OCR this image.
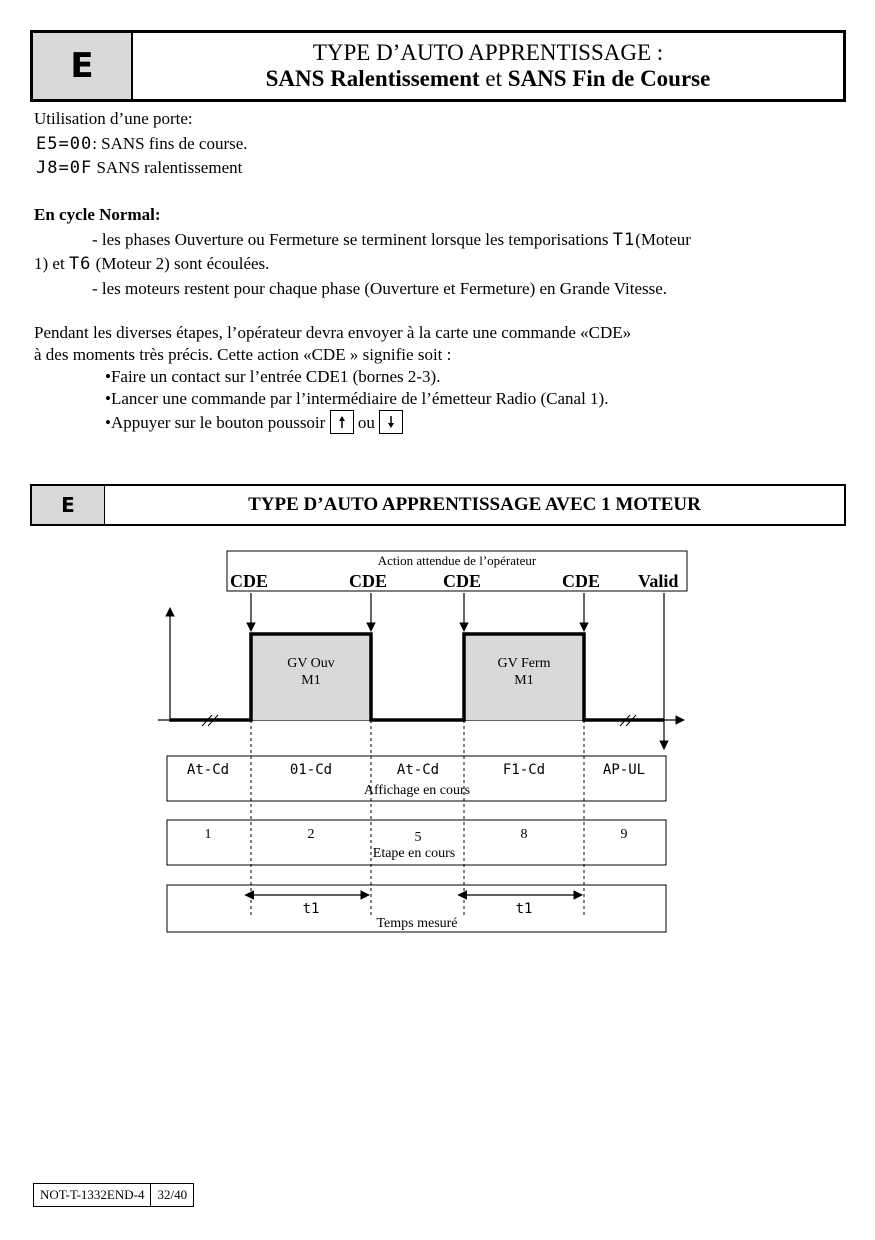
E	TYPE D’AUTO APPRENTISSAGE :
SANS Ralentissement et SANS Fin de Course
Utilisation d’une porte:
E5=00: SANS fins de course.
J8=0F SANS ralentissement
En cycle Normal:
- les phases Ouverture ou Fermeture se terminent lorsque les temporisations T1(Moteur
1) et T6 (Moteur 2) sont écoulées.
- les moteurs restent pour chaque phase (Ouverture et Fermeture) en Grande Vitesse.
Pendant les diverses étapes, l’opérateur devra envoyer à la carte une commande «CDE»
à des moments très précis. Cette action «CDE » signifie soit :
•Faire un contact sur l’entrée CDE1 (bornes 2-3).
•Lancer une commande par l’intermédiaire de l’émetteur Radio (Canal 1).
•Appuyer sur le bouton poussoir
ou
E	TYPE D’AUTO APPRENTISSAGE AVEC 1 MOTEUR
Action attendue de l’opérateur
CDE	CDE	CDE	CDE Valid
GV Ouv
M1
GV Ferm
M1
At-Cd	01-Cd	At-Cd	F1-Cd	AP-UL
Affichage en cours
1	2	5	8	9
Etape en cours
t1	t1
Temps mesuré
NOT-T-1332END-4	32/40
